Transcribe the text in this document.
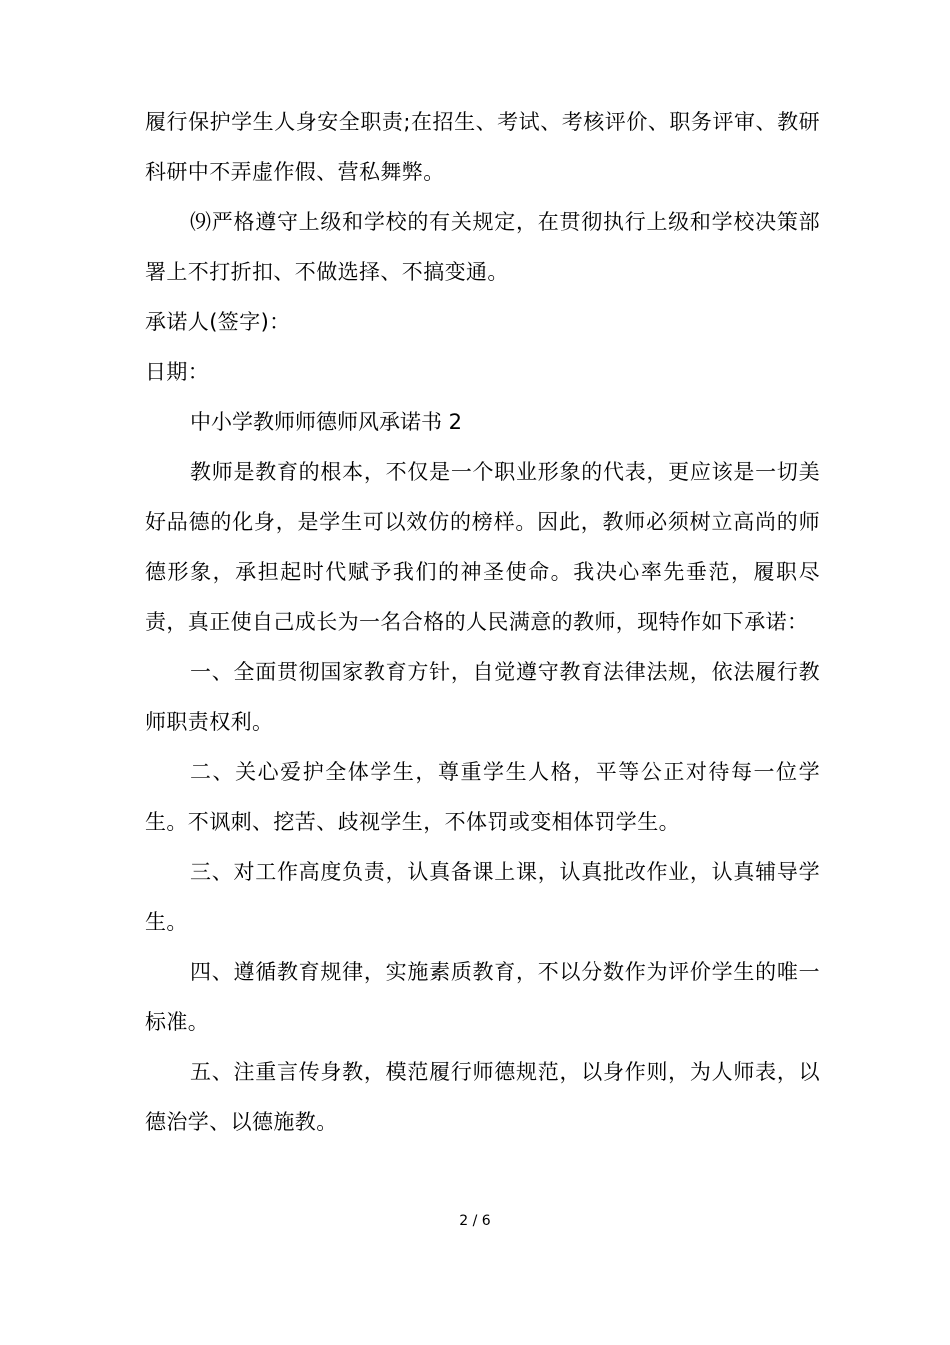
履行保护学生人身安全职责;在招生、考试、考核评价、职务评审、教研科研中不弄虚作假、营私舞弊。

⑼严格遵守上级和学校的有关规定，在贯彻执行上级和学校决策部署上不打折扣、不做选择、不搞变通。

承诺人(签字)：

日期：

中小学教师师德师风承诺书 2

教师是教育的根本，不仅是一个职业形象的代表，更应该是一切美好品德的化身，是学生可以效仿的榜样。因此，教师必须树立高尚的师德形象，承担起时代赋予我们的神圣使命。我决心率先垂范，履职尽责，真正使自己成长为一名合格的人民满意的教师，现特作如下承诺：

一、全面贯彻国家教育方针，自觉遵守教育法律法规，依法履行教师职责权利。

二、关心爱护全体学生，尊重学生人格，平等公正对待每一位学生。不讽刺、挖苦、歧视学生，不体罚或变相体罚学生。

三、对工作高度负责，认真备课上课，认真批改作业，认真辅导学生。

四、遵循教育规律，实施素质教育，不以分数作为评价学生的唯一标准。

五、注重言传身教，模范履行师德规范，以身作则，为人师表，以德治学、以德施教。

2 / 6
